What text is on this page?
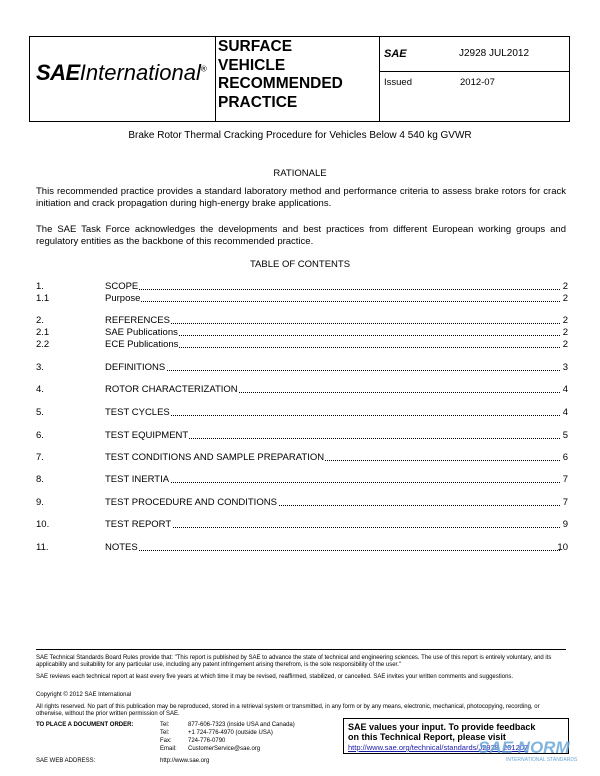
SAEInternational®
SURFACE
VEHICLE
RECOMMENDED
PRACTICE
SAE	J2928 JUL2012
Issued	2012-07
Brake Rotor Thermal Cracking Procedure for Vehicles Below 4 540 kg GVWR
RATIONALE
This recommended practice provides a standard laboratory method and performance criteria to assess brake rotors for crack initiation and crack propagation during high-energy brake applications.
The SAE Task Force acknowledges the developments and best practices from different European working groups and regulatory entities as the backbone of this recommended practice.
TABLE OF CONTENTS
1.	SCOPE	2
1.1	Purpose	2
2.	REFERENCES	2
2.1	SAE Publications	2
2.2	ECE Publications	2
3.	DEFINITIONS	3
4.	ROTOR CHARACTERIZATION	4
5.	TEST CYCLES	4
6.	TEST EQUIPMENT	5
7.	TEST CONDITIONS AND SAMPLE PREPARATION	6
8.	TEST INERTIA	7
9.	TEST PROCEDURE AND CONDITIONS	7
10.	TEST REPORT	9
11.	NOTES	10
SAE Technical Standards Board Rules provide that: "This report is published by SAE to advance the state of technical and engineering sciences. The use of this report is entirely voluntary, and its applicability and suitability for any particular use, including any patent infringement arising therefrom, is the sole responsibility of the user."
SAE reviews each technical report at least every five years at which time it may be revised, reaffirmed, stabilized, or cancelled. SAE invites your written comments and suggestions.
Copyright © 2012 SAE International
All rights reserved. No part of this publication may be reproduced, stored in a retrieval system or transmitted, in any form or by any means, electronic, mechanical, photocopying, recording, or otherwise, without the prior written permission of SAE.
TO PLACE A DOCUMENT ORDER:	Tel:	877-606-7323 (inside USA and Canada)
Tel:	+1 724-776-4970 (outside USA)
Fax:	724-776-0790
Email: CustomerService@sae.org
SAE WEB ADDRESS:	http://www.sae.org
SAE values your input. To provide feedback
on this Technical Report, please visit
http://www.sae.org/technical/standards/J2928_201207
SAE NORM
INTERNATIONAL STANDARDS
